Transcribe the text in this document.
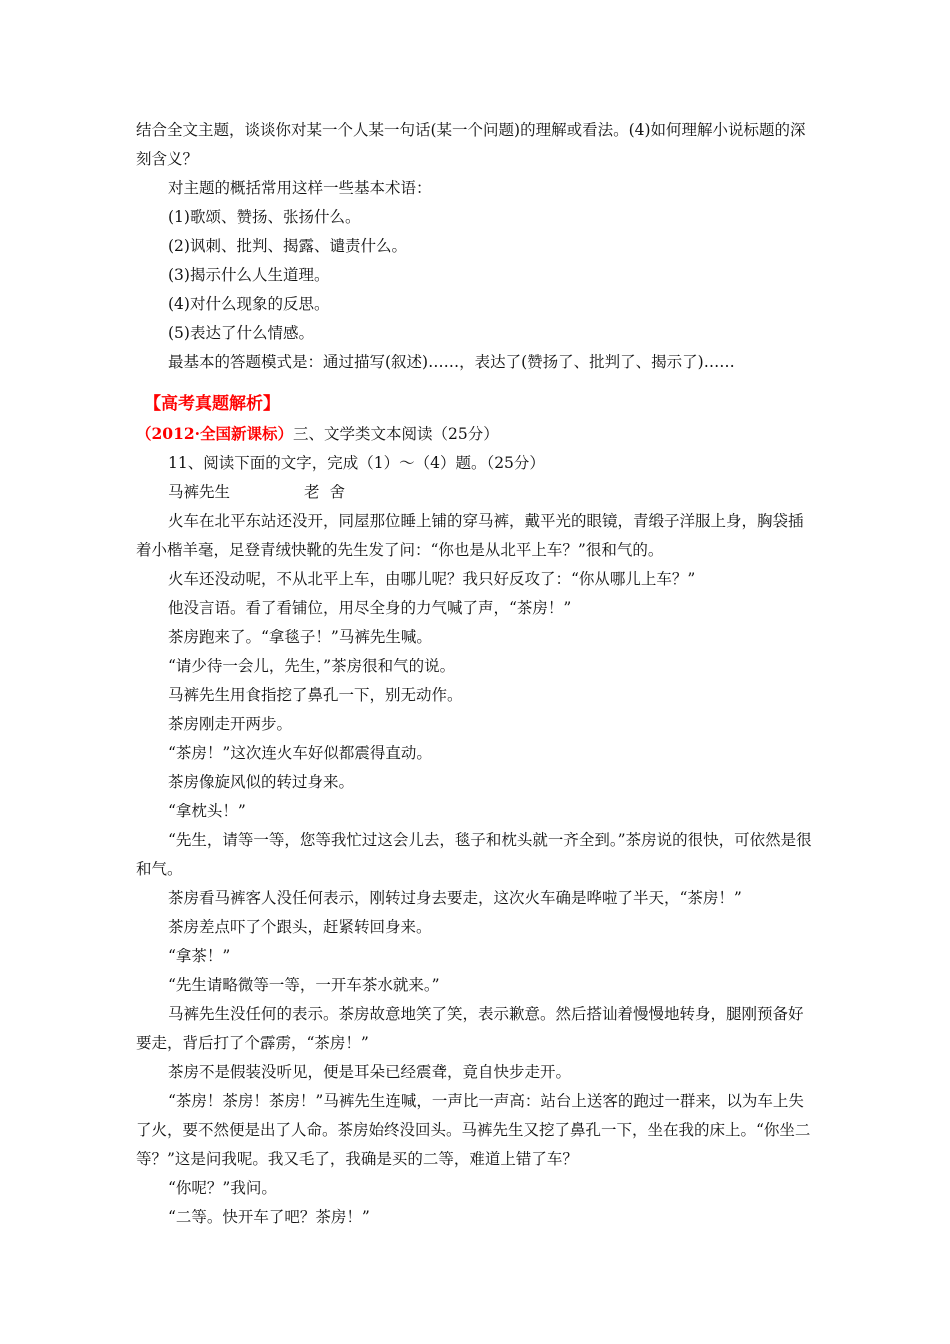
结合全文主题，谈谈你对某一个人某一句话(某一个问题)的理解或看法。(4)如何理解小说标题的深刻含义？

对主题的概括常用这样一些基本术语：

(1)歌颂、赞扬、张扬什么。

(2)讽刺、批判、揭露、谴责什么。

(3)揭示什么人生道理。

(4)对什么现象的反思。

(5)表达了什么情感。

最基本的答题模式是：通过描写(叙述)……，表达了(赞扬了、批判了、揭示了)……

【高考真题解析】

（2012·全国新课标）三、文学类文本阅读（25分）

11、阅读下面的文字，完成（1）～（4）题。（25分）

马裤先生	老舍

火车在北平东站还没开，同屋那位睡上铺的穿马裤，戴平光的眼镜，青缎子洋服上身，胸袋插着小楷羊毫，足登青绒快靴的先生发了问：“你也是从北平上车？”很和气的。

火车还没动呢，不从北平上车，由哪儿呢？我只好反攻了：“你从哪儿上车？”

他没言语。看了看铺位，用尽全身的力气喊了声，“茶房！”

茶房跑来了。“拿毯子！”马裤先生喊。

“请少待一会儿，先生，”茶房很和气的说。

马裤先生用食指挖了鼻孔一下，别无动作。

茶房刚走开两步。

“茶房！”这次连火车好似都震得直动。

茶房像旋风似的转过身来。

“拿枕头！”

“先生，请等一等，您等我忙过这会儿去，毯子和枕头就一齐全到。”茶房说的很快，可依然是很和气。

茶房看马裤客人没任何表示，刚转过身去要走，这次火车确是哗啦了半天，“茶房！”

茶房差点吓了个跟头，赶紧转回身来。

“拿茶！”

“先生请略微等一等，一开车茶水就来。”

马裤先生没任何的表示。茶房故意地笑了笑，表示歉意。然后搭讪着慢慢地转身，腿刚预备好要走，背后打了个霹雳，“茶房！”

茶房不是假装没听见，便是耳朵已经震聋，竟自快步走开。

“茶房！茶房！茶房！”马裤先生连喊，一声比一声高：站台上送客的跑过一群来，以为车上失了火，要不然便是出了人命。茶房始终没回头。马裤先生又挖了鼻孔一下，坐在我的床上。“你坐二等？”这是问我呢。我又毛了，我确是买的二等，难道上错了车？

“你呢？”我问。

“二等。快开车了吧？茶房！”
